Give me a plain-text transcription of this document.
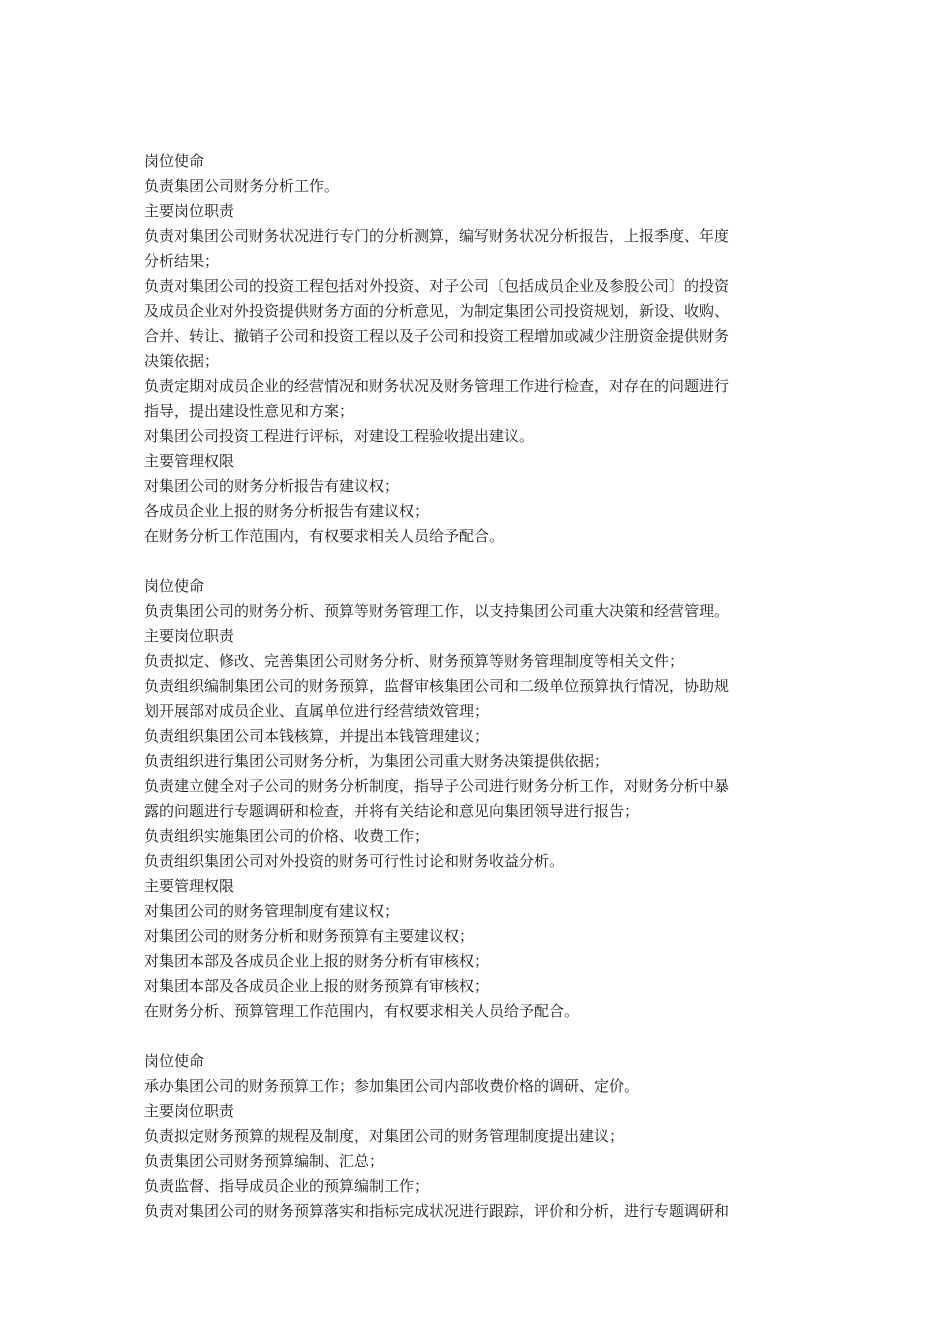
岗位使命
负责集团公司财务分析工作。
主要岗位职责
负责对集团公司财务状况进行专门的分析测算，编写财务状况分析报告，上报季度、年度
分析结果；
负责对集团公司的投资工程包括对外投资、对子公司〔包括成员企业及参股公司〕的投资
及成员企业对外投资提供财务方面的分析意见，为制定集团公司投资规划，新设、收购、
合并、转让、撤销子公司和投资工程以及子公司和投资工程增加或减少注册资金提供财务
决策依据；
负责定期对成员企业的经营情况和财务状况及财务管理工作进行检查，对存在的问题进行
指导，提出建设性意见和方案；
对集团公司投资工程进行评标，对建设工程验收提出建议。
主要管理权限
对集团公司的财务分析报告有建议权；
各成员企业上报的财务分析报告有建议权；
在财务分析工作范围内，有权要求相关人员给予配合。
岗位使命
负责集团公司的财务分析、预算等财务管理工作，以支持集团公司重大决策和经营管理。
主要岗位职责
负责拟定、修改、完善集团公司财务分析、财务预算等财务管理制度等相关文件；
负责组织编制集团公司的财务预算，监督审核集团公司和二级单位预算执行情况，协助规
划开展部对成员企业、直属单位进行经营绩效管理；
负责组织集团公司本钱核算，并提出本钱管理建议；
负责组织进行集团公司财务分析，为集团公司重大财务决策提供依据；
负责建立健全对子公司的财务分析制度，指导子公司进行财务分析工作，对财务分析中暴
露的问题进行专题调研和检查，并将有关结论和意见向集团领导进行报告；
负责组织实施集团公司的价格、收费工作；
负责组织集团公司对外投资的财务可行性讨论和财务收益分析。
主要管理权限
对集团公司的财务管理制度有建议权；
对集团公司的财务分析和财务预算有主要建议权；
对集团本部及各成员企业上报的财务分析有审核权；
对集团本部及各成员企业上报的财务预算有审核权；
在财务分析、预算管理工作范围内，有权要求相关人员给予配合。
岗位使命
承办集团公司的财务预算工作；参加集团公司内部收费价格的调研、定价。
主要岗位职责
负责拟定财务预算的规程及制度，对集团公司的财务管理制度提出建议；
负责集团公司财务预算编制、汇总；
负责监督、指导成员企业的预算编制工作；
负责对集团公司的财务预算落实和指标完成状况进行跟踪，评价和分析，进行专题调研和
